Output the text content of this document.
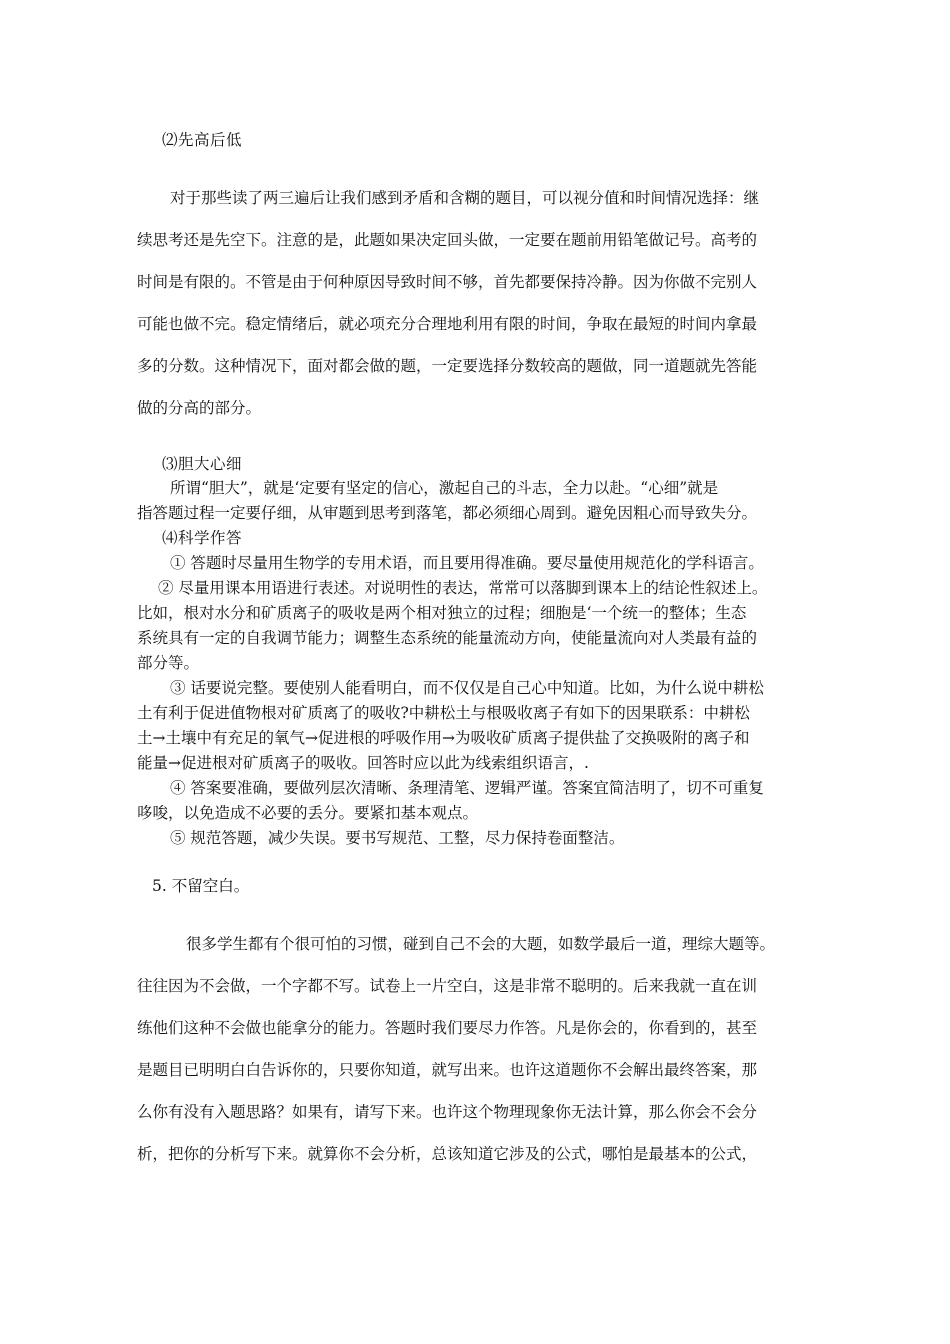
⑵先高后低

对于那些读了两三遍后让我们感到矛盾和含糊的题目，可以视分值和时间情况选择：继

续思考还是先空下。注意的是，此题如果决定回头做，一定要在题前用铅笔做记号。高考的

时间是有限的。不管是由于何种原因导致时间不够，首先都要保持冷静。因为你做不完别人

可能也做不完。稳定情绪后，就必项充分合理地利用有限的时间，争取在最短的时间内拿最

多的分数。这种情况下，面对都会做的题，一定要选择分数较高的题做，同一道题就先答能

做的分高的部分。

⑶胆大心细

所谓“胆大”，就是‘定要有坚定的信心，激起自己的斗志，全力以赴。“心细”就是

指答题过程一定要仔细，从审题到思考到落笔，都必须细心周到。避免因粗心而导致失分。

⑷科学作答

① 答题时尽量用生物学的专用术语，而且要用得准确。要尽量使用规范化的学科语言。

② 尽量用课本用语进行表述。对说明性的表达，常常可以落脚到课本上的结论性叙述上。

比如，根对水分和矿质离子的吸收是两个相对独立的过程；细胞是‘一个统一的整体；生态

系统具有一定的自我调节能力；调整生态系统的能量流动方向，使能量流向对人类最有益的

部分等。

③ 话要说完整。要使别人能看明白，而不仅仅是自己心中知道。比如，为什么说中耕松

土有利于促进值物根对矿质离了的吸收?中耕松土与根吸收离子有如下的因果联系：中耕松

土→土壤中有充足的氧气→促进根的呼吸作用→为吸收矿质离子提供盐了交换吸附的离子和

能量→促进根对矿质离子的吸收。回答时应以此为线索组织语言，.

④ 答案要准确，要做列层次清晰、条理清笔、逻辑严谨。答案宜简洁明了，切不可重复

哆唆，以免造成不必要的丢分。要紧扣基本观点。

⑤ 规范答题，减少失误。要书写规范、工整，尽力保持卷面整洁。

5. 不留空白。

很多学生都有个很可怕的习惯，碰到自己不会的大题，如数学最后一道，理综大题等。

往往因为不会做，一个字都不写。试卷上一片空白，这是非常不聪明的。后来我就一直在训

练他们这种不会做也能拿分的能力。答题时我们要尽力作答。凡是你会的，你看到的，甚至

是题目已明明白白告诉你的，只要你知道，就写出来。也许这道题你不会解出最终答案，那

么你有没有入题思路？如果有，请写下来。也许这个物理现象你无法计算，那么你会不会分

析，把你的分析写下来。就算你不会分析，总该知道它涉及的公式，哪怕是最基本的公式，
